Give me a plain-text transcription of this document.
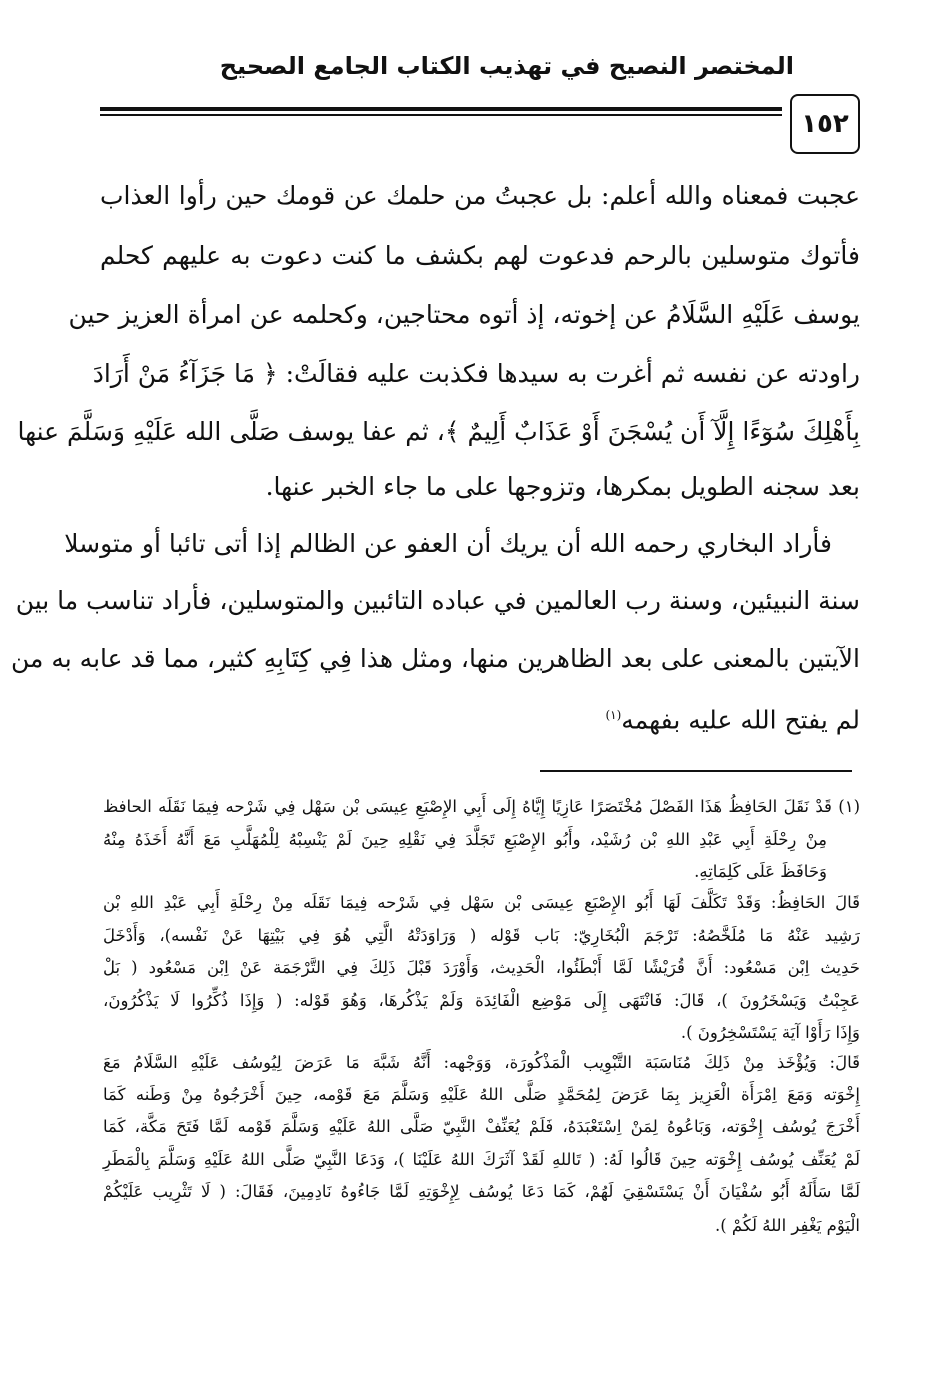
المختصر النصيح في تهذيب الكتاب الجامع الصحيح
١٥٢
عجبت فمعناه والله أعلم: بل عجبتُ من حلمك عن قومك حين رأوا العذاب
فأتوك متوسلين بالرحم فدعوت لهم بكشف ما كنت دعوت به عليهم كحلم
يوسف عَلَيْهِ السَّلَامُ عن إخوته، إذ أتوه محتاجين، وكحلمه عن امرأة العزيز حين
راودته عن نفسه ثم أغرت به سيدها فكذبت عليه فقالَتْ: ﴿ مَا جَزَآءُ مَنْ أَرَادَ
بِأَهْلِكَ سُوٓءًا إِلَّآ أَن يُسْجَنَ أَوْ عَذَابٌ أَلِيمٌ ﴾، ثم عفا يوسف صَلَّى الله عَلَيْهِ وَسَلَّمَ عنها
بعد سجنه الطويل بمكرها، وتزوجها على ما جاء الخبر عنها.
فأراد البخاري رحمه الله أن يريك أن العفو عن الظالم إذا أتى تائبا أو متوسلا
سنة النبيئين، وسنة رب العالمين في عباده التائبين والمتوسلين، فأراد تناسب ما بين
الآيتين بالمعنى على بعد الظاهرين منها، ومثل هذا فِي كِتَابِهِ كثير، مما قد عابه به من
لم يفتح الله عليه بفهمه$^{(١)}$
(١) قَدْ نَقَلَ الحَافِظُ هَذَا الفَصْلَ مُخْتَصَرًا عَازِيًا إِيَّاهُ إِلَى أَبِي الإِصْبَعِ عِيسَى بْن سَهْل فِي شَرْحه فِيمَا نَقَلَه الحافظ
مِنْ رِحْلَةِ أَبِي عَبْدِ اللهِ بْن رُشَيْد، وأَبُو الإِصْبَعِ تَجَلَّدَ فِي نَقْلِهِ حِينَ لَمْ يَنْسِبْهُ لِلْمُهَلَّبِ مَعَ أَنَّهُ أَخَذَهُ مِنْهُ
وَحَافَظَ عَلَى كَلِمَاتِهِ.
قَالَ الحَافِظُ: وَقَدْ تَكَلَّفَ لَهَا أَبُو الإِصْبَعِ عِيسَى بْن سَهْل فِي شَرْحه فِيمَا نَقَلَه مِنْ رِحْلَةِ أَبِي عَبْدِ اللهِ بْن
رَشِيد عَنْهُ مَا مُلَخَّصُهُ: تَرْجَمَ الْبُخَارِيّ: بَاب قَوْله ( وَرَاوَدَتْهُ الَّتِي هُوَ فِي بَيْتِهَا عَنْ نَفْسه)، وَأَدْخَلَ
حَدِيث اِبْن مَسْعُود: أَنَّ قُرَيْشًا لَمَّا أَبْطَئُوا، الْحَدِيث، وَأَوْرَدَ قَبْلَ ذَلِكَ فِي التَّرْجَمَة عَنْ اِبْن مَسْعُود ( بَلْ
عَجِبْتُ وَيَسْخَرُونَ )، قَالَ: فَانْتَهَى إِلَى مَوْضِع الْفَائِدَة وَلَمْ يَذْكُرهَا، وَهُوَ قَوْله: ( وَإِذَا ذُكِّرُوا لَا يَذْكُرُونَ،
وَإِذَا رَأَوْا آيَة يَسْتَسْخِرُونَ ).
قَالَ: وَيُؤْخَذ مِنْ ذَلِكَ مُنَاسَبَة التَّبْوِيب الْمَذْكُورَة، وَوَجْهه: أَنَّهُ شَبَّهَ مَا عَرَضَ لِيُوسُف عَلَيْهِ السَّلَامُ مَعَ
إِخْوَته وَمَعَ اِمْرَأَة الْعَزِيز بِمَا عَرَضَ لِمُحَمَّدٍ صَلَّى اللهُ عَلَيْهِ وَسَلَّمَ مَعَ قَوْمه، حِينَ أَخْرَجُوهُ مِنْ وَطَنه كَمَا
أَخْرَجَ يُوسُف إِخْوَته، وَبَاعُوهُ لِمَنْ اِسْتَعْبَدَهُ، فَلَمْ يُعَنِّفْ النَّبِيّ صَلَّى اللهُ عَلَيْهِ وَسَلَّمَ قَوْمه لَمَّا فَتَحَ مَكَّة، كَمَا
لَمْ يُعَنِّف يُوسُف إِخْوَته حِينَ قَالُوا لَهُ: ( تَاللهِ لَقَدْ آثَرَكَ اللهُ عَلَيْنَا )، وَدَعَا النَّبِيّ صَلَّى اللهُ عَلَيْهِ وَسَلَّمَ بِالْمَطَرِ
لَمَّا سَأَلَهُ أَبُو سُفْيَانَ أَنْ يَسْتَسْقِيَ لَهُمْ، كَمَا دَعَا يُوسُف لِإِخْوَتِهِ لَمَّا جَاءُوهُ نَادِمِينَ، فَقَالَ: ( لَا تَثْرِيب عَلَيْكُمْ
الْيَوْم يَغْفِر اللهُ لَكُمْ ).
